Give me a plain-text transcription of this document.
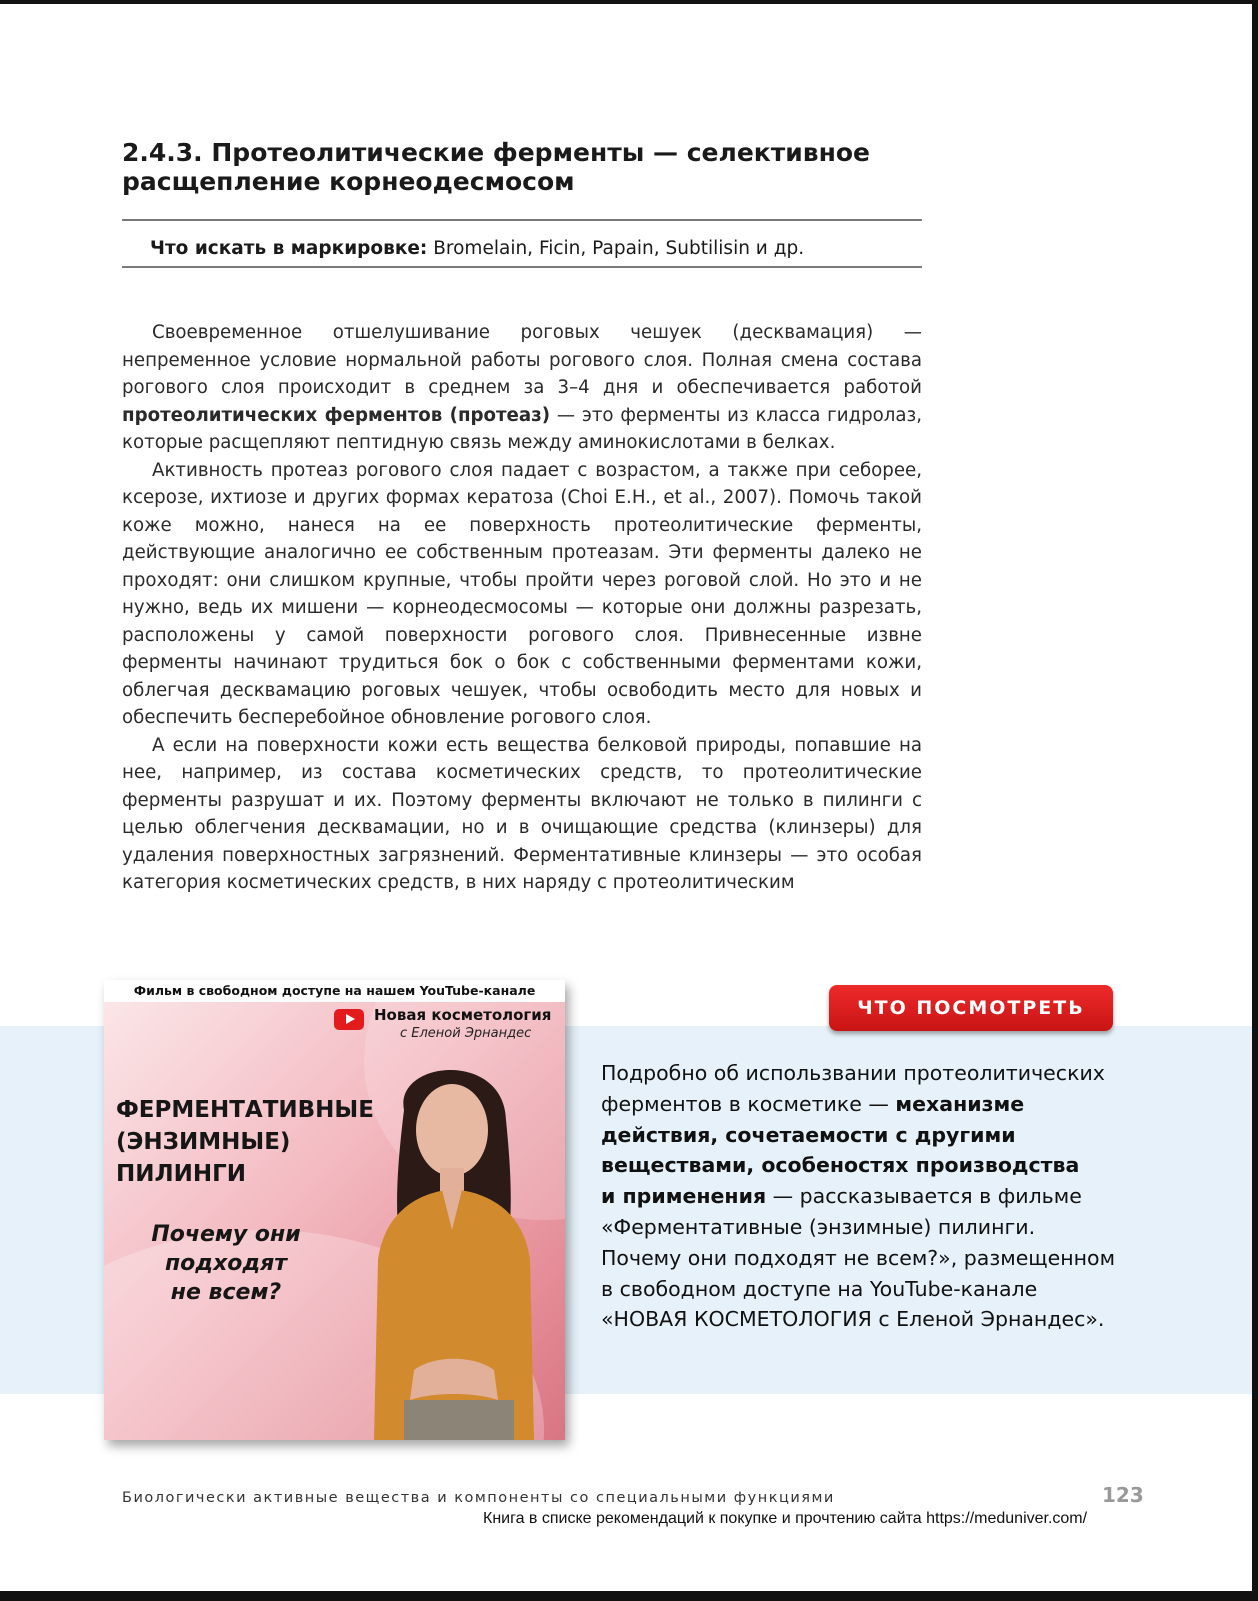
2.4.3. Протеолитические ферменты — селективное
расщепление корнеодесмосом
Что искать в маркировке: Bromelain, Ficin, Papain, Subtilisin и др.

Своевременное отшелушивание роговых чешуек (десквамация) — непременное условие нормальной работы рогового слоя. Полная смена состава рогового слоя происходит в среднем за 3–4 дня и обеспечивается работой протеолитических ферментов (протеаз) — это ферменты из класса гидролаз, которые расщепляют пептидную связь между аминокислотами в белках.

Активность протеаз рогового слоя падает с возрастом, а также при себорее, ксерозе, ихтиозе и других формах кератоза (Choi E.H., et al., 2007). Помочь такой коже можно, нанеся на ее поверхность протеолитические ферменты, действующие аналогично ее собственным протеазам. Эти ферменты далеко не проходят: они слишком крупные, чтобы пройти через роговой слой. Но это и не нужно, ведь их мишени — корнеодесмосомы — которые они должны разрезать, расположены у самой поверхности рогового слоя. Привнесенные извне ферменты начинают трудиться бок о бок с собственными ферментами кожи, облегчая десквамацию роговых чешуек, чтобы освободить место для новых и обеспечить бесперебойное обновление рогового слоя.

А если на поверхности кожи есть вещества белковой природы, попавшие на нее, например, из состава косметических средств, то протеолитические ферменты разрушат и их. Поэтому ферменты включают не только в пилинги с целью облегчения десквамации, но и в очищающие средства (клинзеры) для удаления поверхностных загрязнений. Ферментативные клинзеры — это особая категория косметических средств, в них наряду с протеолитическим

Фильм в свободном доступе на нашем YouTube-канале
Новая косметология
с Еленой Эрнандес
ФЕРМЕНТАТИВНЫЕ
(ЭНЗИМНЫЕ)
ПИЛИНГИ
Почему они
подходят
не всем?
ЧТО ПОСМОТРЕТЬ
Подробно об использвании протеолитических
ферментов в косметике — механизме
действия, сочетаемости с другими
веществами, особеностях производства
и применения — рассказывается в фильме
«Ферментативные (энзимные) пилинги.
Почему они подходят не всем?», размещенном
в свободном доступе на YouTube-канале
«НОВАЯ КОСМЕТОЛОГИЯ с Еленой Эрнандес».
Биологически активные вещества и компоненты со специальными функциями	123
Книга в списке рекомендаций к покупке и прочтению сайта https://meduniver.com/
